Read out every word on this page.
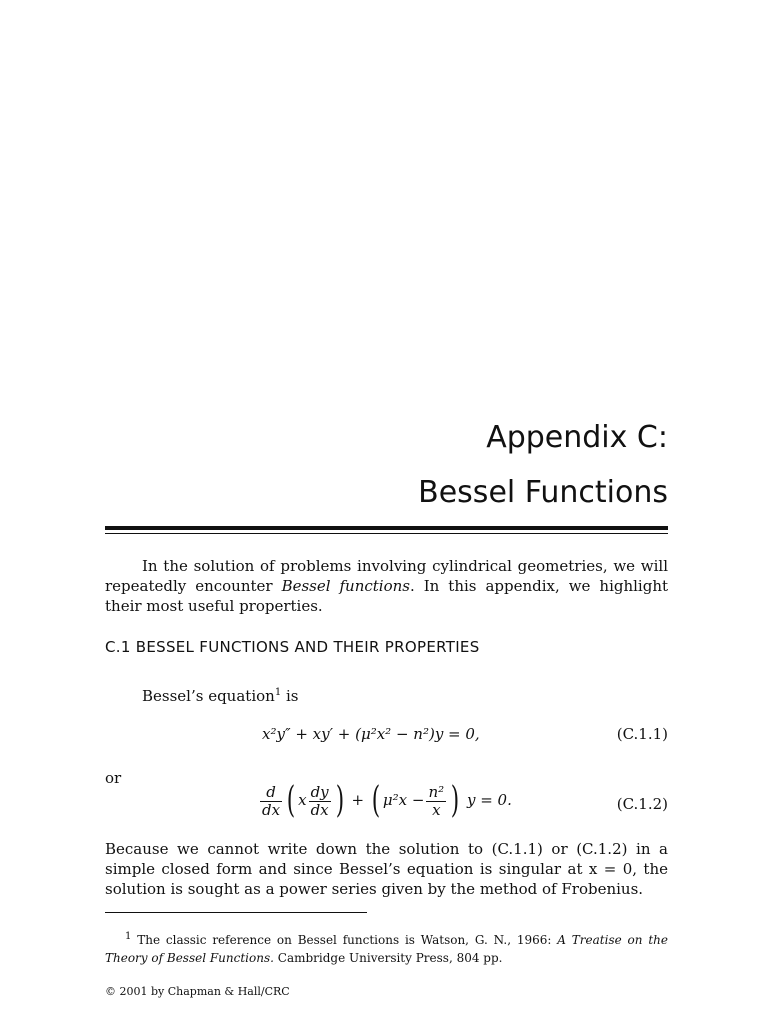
Appendix C:
Bessel Functions

In the solution of problems involving cylindrical geometries, we will repeatedly encounter Bessel functions. In this appendix, we highlight their most useful properties.

C.1 BESSEL FUNCTIONS AND THEIR PROPERTIES

Bessel’s equation$^1$ is

x²y″ + xy′ + (μ²x² − n²)y = 0,	(C.1.1)
or
$\frac{d}{dx}$ ( x $\frac{dy}{dx}$ ) + ( $\mu^2x - \frac{\text{n²}}{x}$ ) y = 0.	(C.1.2)

Because we cannot write down the solution to (C.1.1) or (C.1.2) in a simple closed form and since Bessel’s equation is singular at x = 0, the solution is sought as a power series given by the method of Frobenius.

$^1$ The classic reference on Bessel functions is Watson, G. N., 1966: A Treatise on the Theory of Bessel Functions. Cambridge University Press, 804 pp.

© 2001 by Chapman & Hall/CRC
